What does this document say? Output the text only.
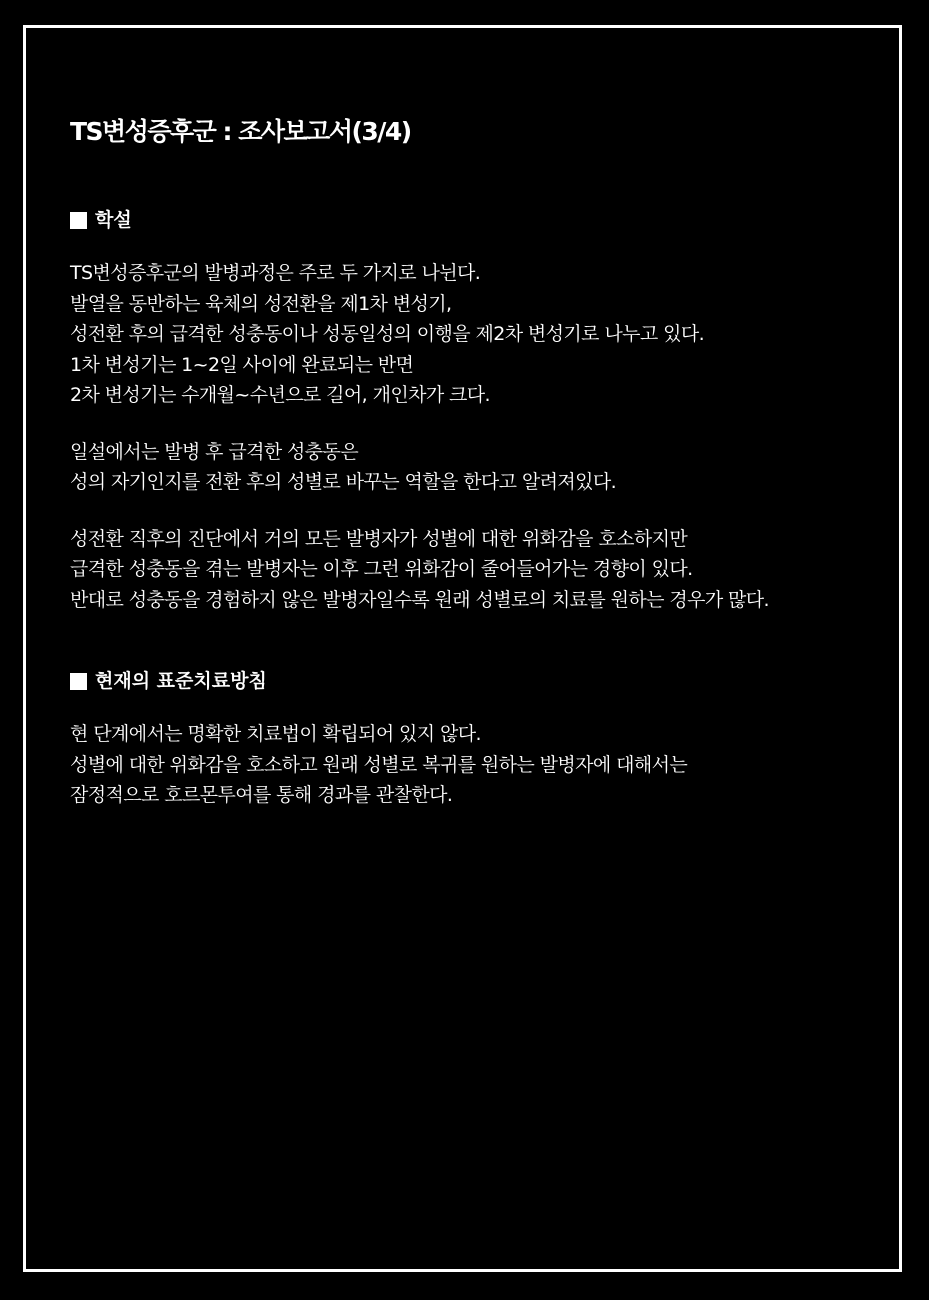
TS변성증후군 : 조사보고서(3/4)
학설

TS변성증후군의 발병과정은 주로 두 가지로 나뉜다.
발열을 동반하는 육체의 성전환을 제1차 변성기,
성전환 후의 급격한 성충동이나 성동일성의 이행을 제2차 변성기로 나누고 있다.
1차 변성기는 1~2일 사이에 완료되는 반면
2차 변성기는 수개월~수년으로 길어, 개인차가 크다.

일설에서는 발병 후 급격한 성충동은
성의 자기인지를 전환 후의 성별로 바꾸는 역할을 한다고 알려져있다.

성전환 직후의 진단에서 거의 모든 발병자가 성별에 대한 위화감을 호소하지만
급격한 성충동을 겪는 발병자는 이후 그런 위화감이 줄어들어가는 경향이 있다.
반대로 성충동을 경험하지 않은 발병자일수록 원래 성별로의 치료를 원하는 경우가 많다.

현재의 표준치료방침

현 단계에서는 명확한 치료법이 확립되어 있지 않다.
성별에 대한 위화감을 호소하고 원래 성별로 복귀를 원하는 발병자에 대해서는
잠정적으로 호르몬투여를 통해 경과를 관찰한다.
